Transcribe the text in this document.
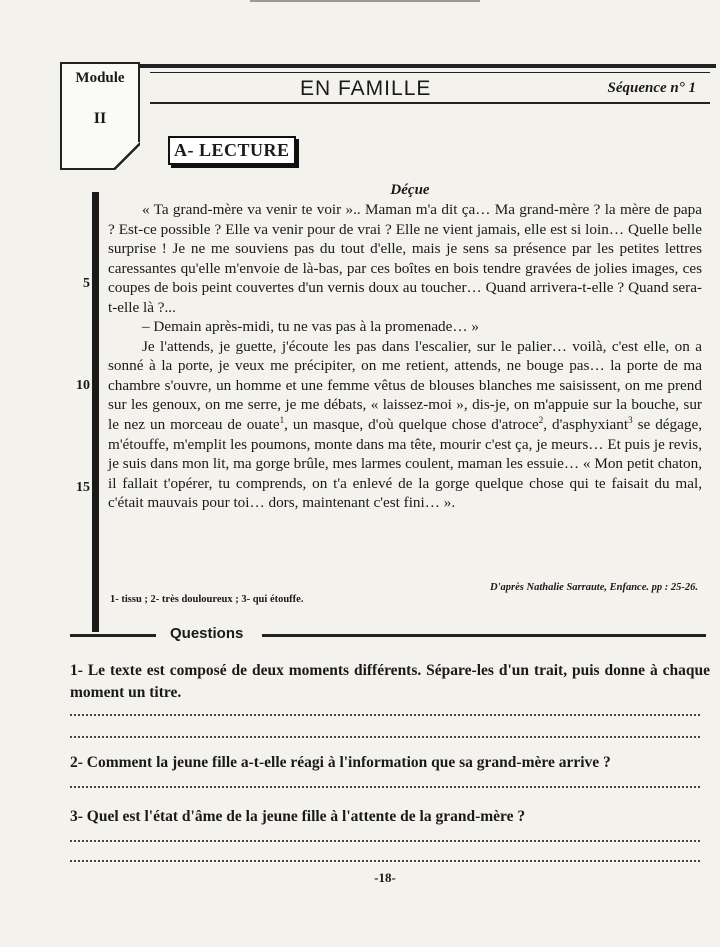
Module
II
EN FAMILLE	Séquence n° 1
A- LECTURE
5
10
15
Déçue

« Ta grand-mère va venir te voir ».. Maman m'a dit ça… Ma grand-mère ? la mère de papa ? Est-ce possible ? Elle va venir pour de vrai ? Elle ne vient jamais, elle est si loin… Quelle belle surprise ! Je ne me souviens pas du tout d'elle, mais je sens sa présence par les petites lettres caressantes qu'elle m'envoie de là-bas, par ces boîtes en bois tendre gravées de jolies images, ces coupes de bois peint couvertes d'un vernis doux au toucher… Quand arrivera-t-elle ? Quand sera-t-elle là ?...

– Demain après-midi, tu ne vas pas à la promenade… »

Je l'attends, je guette, j'écoute les pas dans l'escalier, sur le palier… voilà, c'est elle, on a sonné à la porte, je veux me précipiter, on me retient, attends, ne bouge pas… la porte de ma chambre s'ouvre, un homme et une femme vêtus de blouses blanches me saisissent, on me prend sur les genoux, on me serre, je me débats, « laissez-moi », dis-je, on m'appuie sur la bouche, sur le nez un morceau de ouate$^1$, un masque, d'où quelque chose d'atroce$^2$, d'asphyxiant$^3$ se dégage, m'étouffe, m'emplit les poumons, monte dans ma tête, mourir c'est ça, je meurs… Et puis je revis, je suis dans mon lit, ma gorge brûle, mes larmes coulent, maman les essuie… « Mon petit chaton, il fallait t'opérer, tu comprends, on t'a enlevé de la gorge quelque chose qui te faisait du mal, c'était mauvais pour toi… dors, maintenant c'est fini… ».

D'après Nathalie Sarraute, Enfance. pp : 25-26.
1- tissu ; 2- très douloureux ; 3- qui étouffe.
Questions
1- Le texte est composé de deux moments différents. Sépare-les d'un trait, puis donne à chaque moment un titre.
2- Comment la jeune fille a-t-elle réagi à l'information que sa grand-mère arrive ?
3- Quel est l'état d'âme de la jeune fille à l'attente de la grand-mère ?
-18-
